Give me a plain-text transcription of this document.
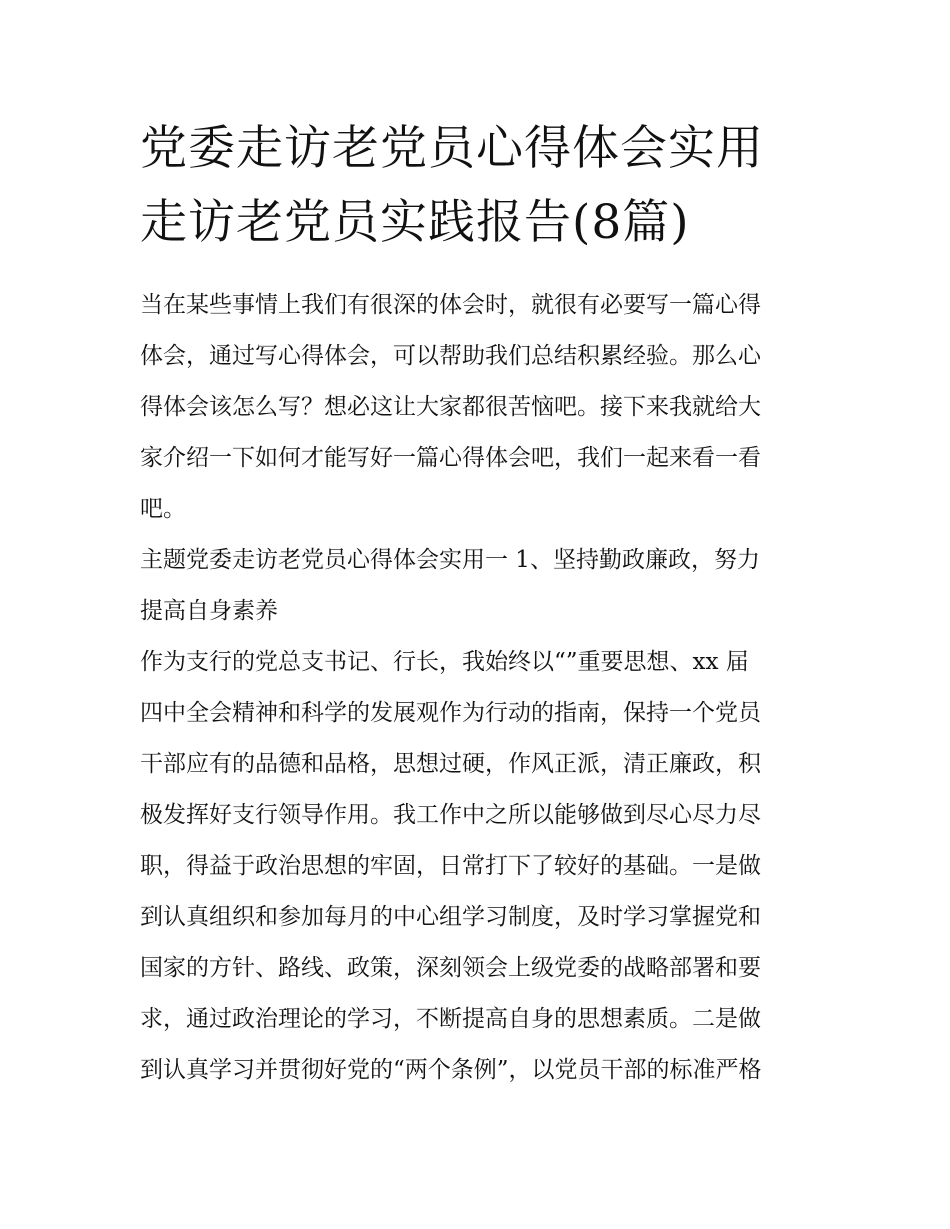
党委走访老党员心得体会实用
走访老党员实践报告(8篇)
当在某些事情上我们有很深的体会时，就很有必要写一篇心得
体会，通过写心得体会，可以帮助我们总结积累经验。那么心
得体会该怎么写？想必这让大家都很苦恼吧。接下来我就给大
家介绍一下如何才能写好一篇心得体会吧，我们一起来看一看
吧。
主题党委走访老党员心得体会实用一 1、坚持勤政廉政，努力
提高自身素养
作为支行的党总支书记、行长，我始终以“”重要思想、xx 届
四中全会精神和科学的发展观作为行动的指南，保持一个党员
干部应有的品德和品格，思想过硬，作风正派，清正廉政，积
极发挥好支行领导作用。我工作中之所以能够做到尽心尽力尽
职，得益于政治思想的牢固，日常打下了较好的基础。一是做
到认真组织和参加每月的中心组学习制度，及时学习掌握党和
国家的方针、路线、政策，深刻领会上级党委的战略部署和要
求，通过政治理论的学习，不断提高自身的思想素质。二是做
到认真学习并贯彻好党的“两个条例”，以党员干部的标准严格
